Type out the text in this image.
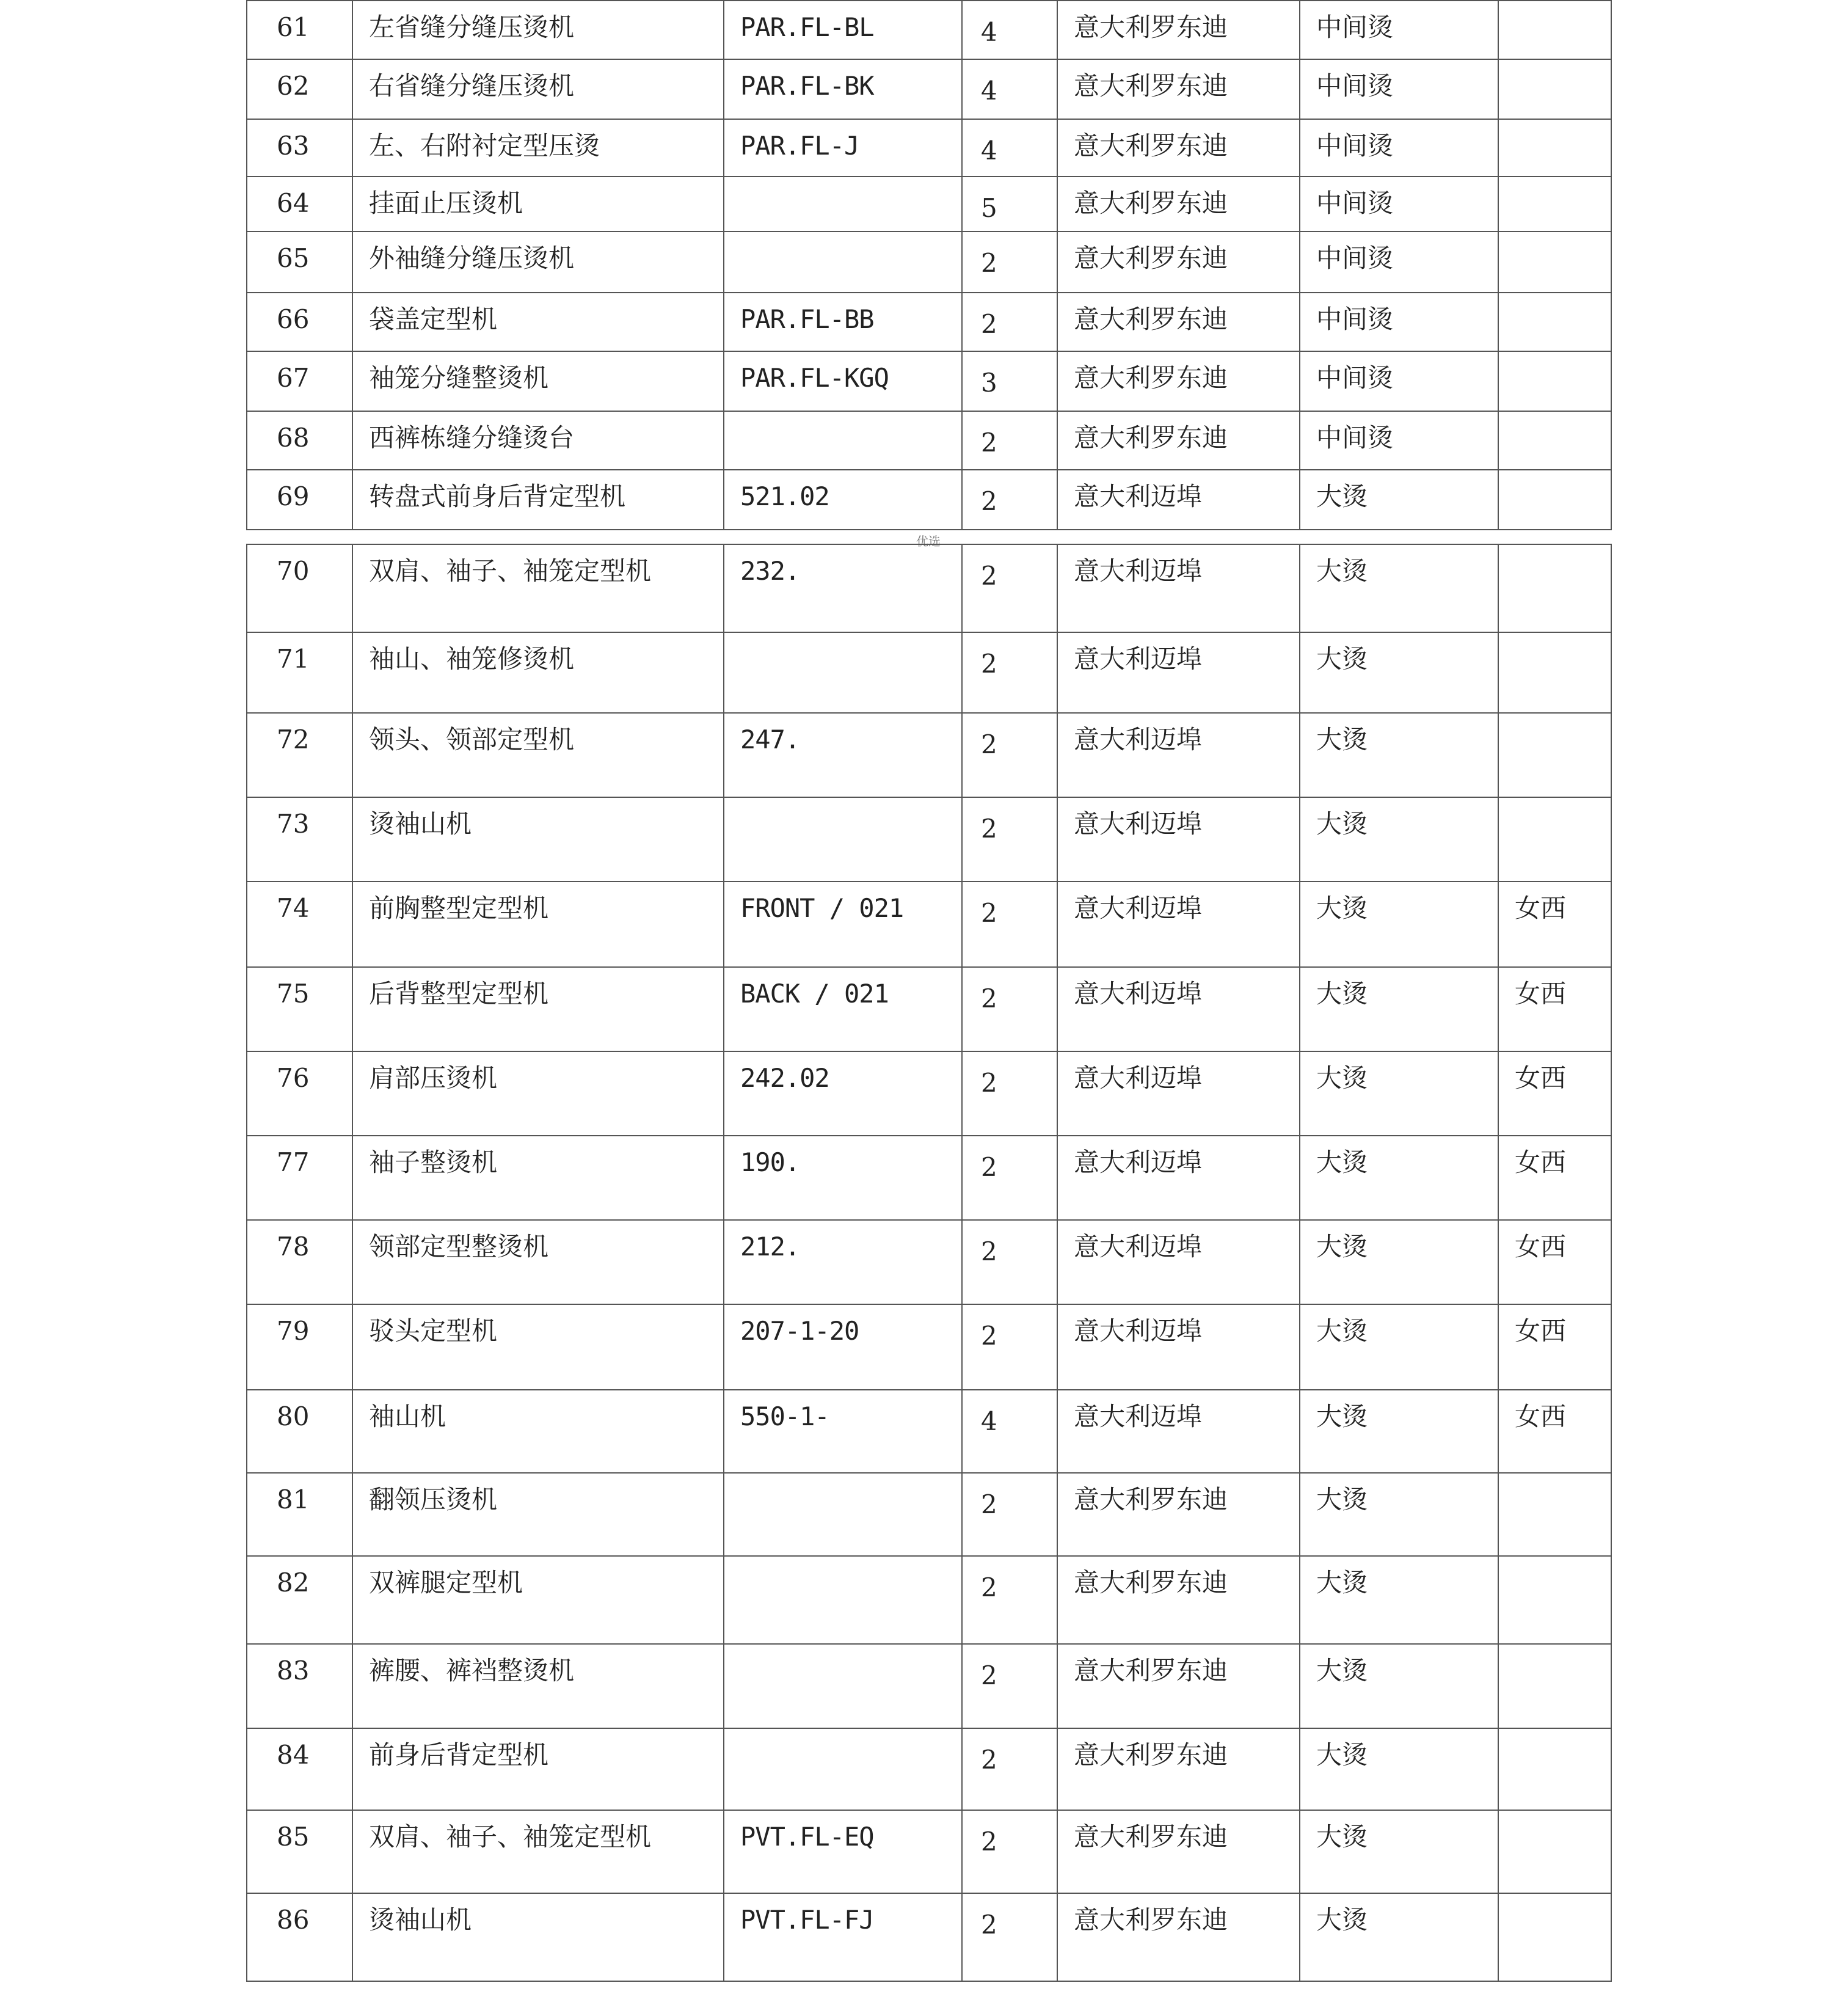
61	左省缝分缝压烫机	PAR.FL-BL	4	意大利罗东迪	中间烫	

62	右省缝分缝压烫机	PAR.FL-BK	4	意大利罗东迪	中间烫	

63	左、右附衬定型压烫	PAR.FL-J	4	意大利罗东迪	中间烫	

64	挂面止压烫机		5	意大利罗东迪	中间烫	

65	外袖缝分缝压烫机		2	意大利罗东迪	中间烫	

66	袋盖定型机	PAR.FL-BB	2	意大利罗东迪	中间烫	

67	袖笼分缝整烫机	PAR.FL-KGQ	3	意大利罗东迪	中间烫	

68	西裤栋缝分缝烫台		2	意大利罗东迪	中间烫	

69	转盘式前身后背定型机	521.02	2	意大利迈埠	大烫	

优选
70	双肩、袖子、袖笼定型机	232.	2	意大利迈埠	大烫	

71	袖山、袖笼修烫机		2	意大利迈埠	大烫	

72	领头、领部定型机	247.	2	意大利迈埠	大烫	

73	烫袖山机		2	意大利迈埠	大烫	

74	前胸整型定型机	FRONT / 021	2	意大利迈埠	大烫	女西

75	后背整型定型机	BACK / 021	2	意大利迈埠	大烫	女西

76	肩部压烫机	242.02	2	意大利迈埠	大烫	女西

77	袖子整烫机	190.	2	意大利迈埠	大烫	女西

78	领部定型整烫机	212.	2	意大利迈埠	大烫	女西

79	驳头定型机	207-1-20	2	意大利迈埠	大烫	女西

80	袖山机	550-1-	4	意大利迈埠	大烫	女西

81	翻领压烫机		2	意大利罗东迪	大烫	

82	双裤腿定型机		2	意大利罗东迪	大烫	

83	裤腰、裤裆整烫机		2	意大利罗东迪	大烫	

84	前身后背定型机		2	意大利罗东迪	大烫	

85	双肩、袖子、袖笼定型机	PVT.FL-EQ	2	意大利罗东迪	大烫	

86	烫袖山机	PVT.FL-FJ	2	意大利罗东迪	大烫	
